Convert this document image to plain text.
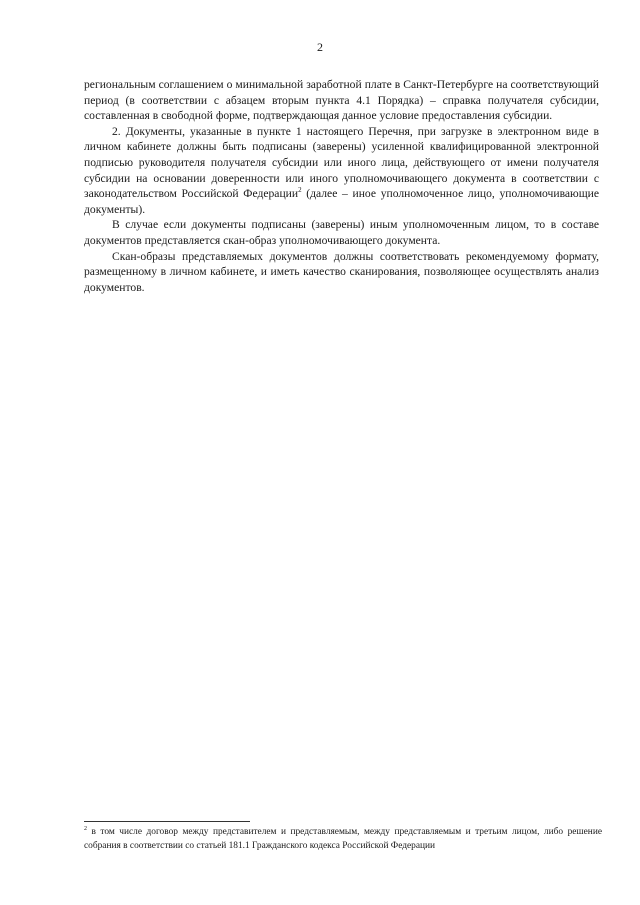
2

региональным соглашением о минимальной заработной плате в Санкт-Петербурге на соответствующий период (в соответствии с абзацем вторым пункта 4.1 Порядка) – справка получателя субсидии, составленная в свободной форме, подтверждающая данное условие предоставления субсидии.

2. Документы, указанные в пункте 1 настоящего Перечня, при загрузке в электронном виде в личном кабинете должны быть подписаны (заверены) усиленной квалифицированной электронной подписью руководителя получателя субсидии или иного лица, действующего от имени получателя субсидии на основании доверенности или иного уполномочивающего документа в соответствии с законодательством Российской Федерации$^2$ (далее – иное уполномоченное лицо, уполномочивающие документы).

В случае если документы подписаны (заверены) иным уполномоченным лицом, то в составе документов представляется скан-образ уполномочивающего документа.

Скан-образы представляемых документов должны соответствовать рекомендуемому формату, размещенному в личном кабинете, и иметь качество сканирования, позволяющее осуществлять анализ документов.

$^2$ в том числе договор между представителем и представляемым, между представляемым и третьим лицом, либо решение собрания в соответствии со статьей 181.1 Гражданского кодекса Российской Федерации
